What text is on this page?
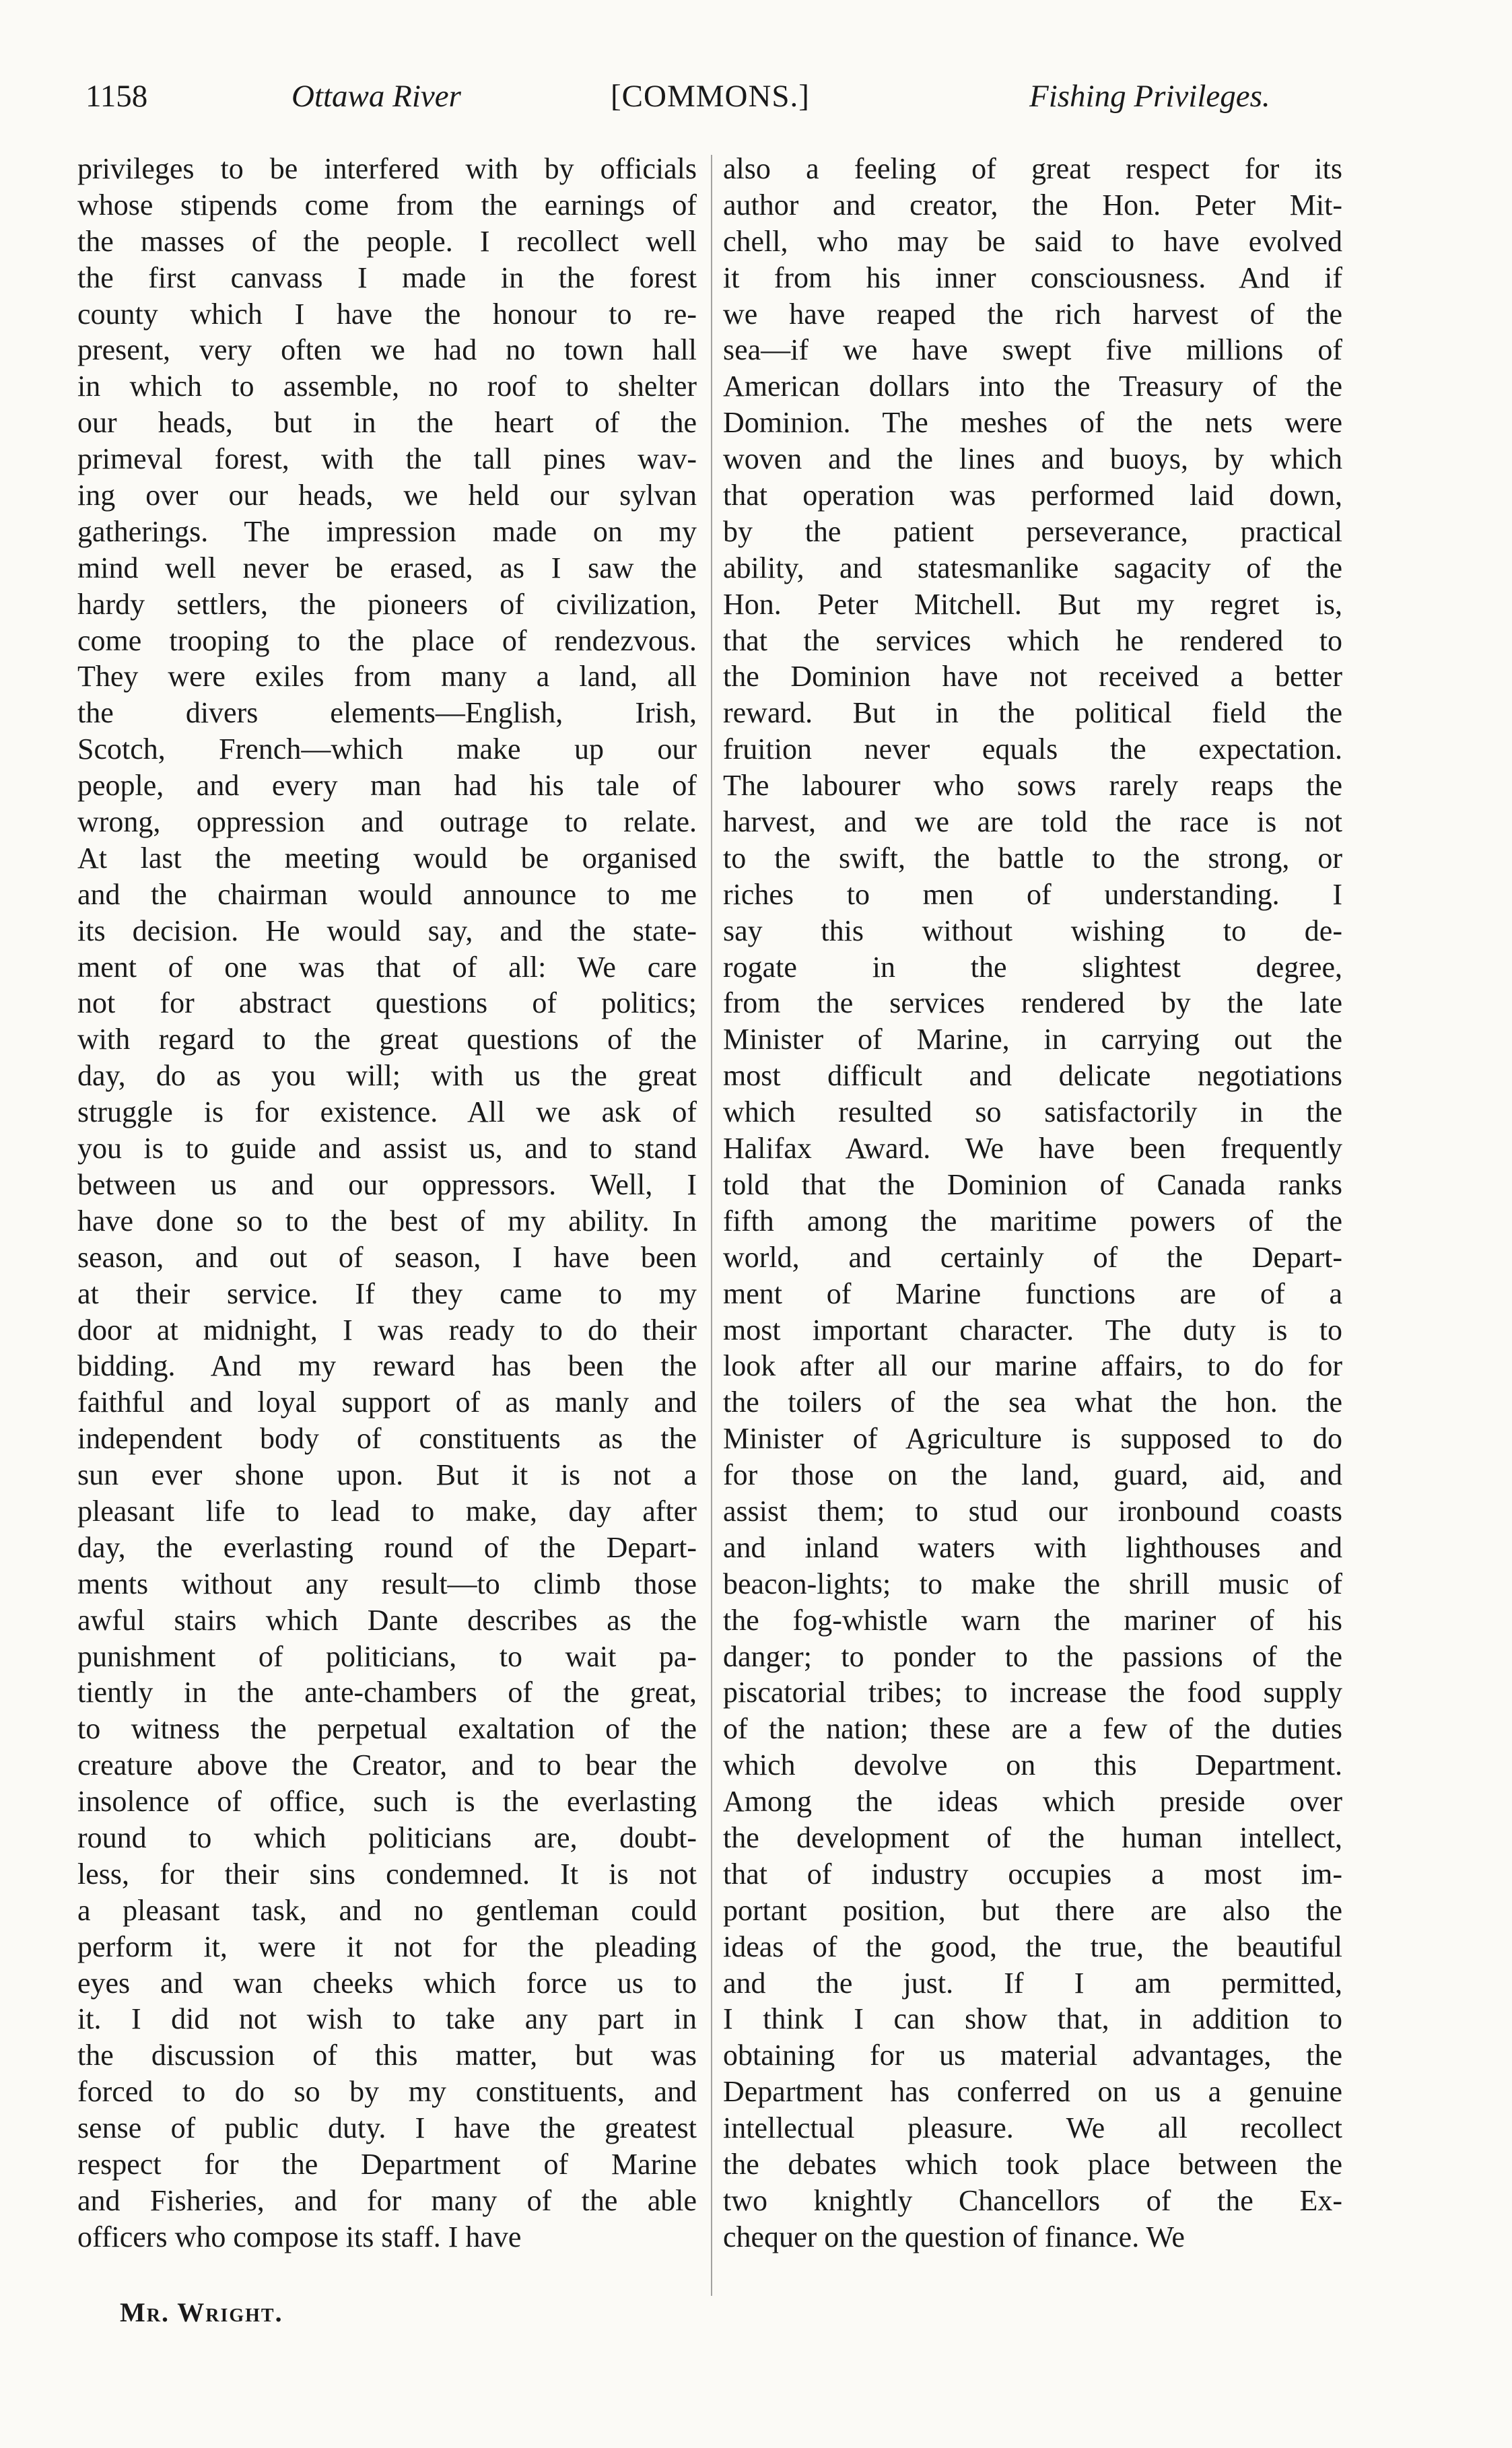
1158	Ottawa River	[COMMONS.]	Fishing Privileges.
privileges to be interfered with by officials
whose stipends come from the earnings of
the masses of the people. I recollect well
the first canvass I made in the forest
county which I have the honour to re-
present, very often we had no town hall
in which to assemble, no roof to shelter
our heads, but in the heart of the
primeval forest, with the tall pines wav-
ing over our heads, we held our sylvan
gatherings. The impression made on my
mind well never be erased, as I saw the
hardy settlers, the pioneers of civilization,
come trooping to the place of rendezvous.
They were exiles from many a land, all
the divers elements—English, Irish,
Scotch, French—which make up our
people, and every man had his tale of
wrong, oppression and outrage to relate.
At last the meeting would be organised
and the chairman would announce to me
its decision. He would say, and the state-
ment of one was that of all: We care
not for abstract questions of politics;
with regard to the great questions of the
day, do as you will; with us the great
struggle is for existence. All we ask of
you is to guide and assist us, and to stand
between us and our oppressors. Well, I
have done so to the best of my ability. In
season, and out of season, I have been
at their service. If they came to my
door at midnight, I was ready to do their
bidding. And my reward has been the
faithful and loyal support of as manly and
independent body of constituents as the
sun ever shone upon. But it is not a
pleasant life to lead to make, day after
day, the everlasting round of the Depart-
ments without any result—to climb those
awful stairs which Dante describes as the
punishment of politicians, to wait pa-
tiently in the ante-chambers of the great,
to witness the perpetual exaltation of the
creature above the Creator, and to bear the
insolence of office, such is the everlasting
round to which politicians are, doubt-
less, for their sins condemned. It is not
a pleasant task, and no gentleman could
perform it, were it not for the pleading
eyes and wan cheeks which force us to
it. I did not wish to take any part in
the discussion of this matter, but was
forced to do so by my constituents, and
sense of public duty. I have the greatest
respect for the Department of Marine
and Fisheries, and for many of the able
officers who compose its staff. I have
also a feeling of great respect for its
author and creator, the Hon. Peter Mit-
chell, who may be said to have evolved
it from his inner consciousness. And if
we have reaped the rich harvest of the
sea—if we have swept five millions of
American dollars into the Treasury of the
Dominion. The meshes of the nets were
woven and the lines and buoys, by which
that operation was performed laid down,
by the patient perseverance, practical
ability, and statesmanlike sagacity of the
Hon. Peter Mitchell. But my regret is,
that the services which he rendered to
the Dominion have not received a better
reward. But in the political field the
fruition never equals the expectation.
The labourer who sows rarely reaps the
harvest, and we are told the race is not
to the swift, the battle to the strong, or
riches to men of understanding. I
say this without wishing to de-
rogate in the slightest degree,
from the services rendered by the late
Minister of Marine, in carrying out the
most difficult and delicate negotiations
which resulted so satisfactorily in the
Halifax Award. We have been frequently
told that the Dominion of Canada ranks
fifth among the maritime powers of the
world, and certainly of the Depart-
ment of Marine functions are of a
most important character. The duty is to
look after all our marine affairs, to do for
the toilers of the sea what the hon. the
Minister of Agriculture is supposed to do
for those on the land, guard, aid, and
assist them; to stud our ironbound coasts
and inland waters with lighthouses and
beacon-lights; to make the shrill music of
the fog-whistle warn the mariner of his
danger; to ponder to the passions of the
piscatorial tribes; to increase the food supply
of the nation; these are a few of the duties
which devolve on this Department.
Among the ideas which preside over
the development of the human intellect,
that of industry occupies a most im-
portant position, but there are also the
ideas of the good, the true, the beautiful
and the just. If I am permitted,
I think I can show that, in addition to
obtaining for us material advantages, the
Department has conferred on us a genuine
intellectual pleasure. We all recollect
the debates which took place between the
two knightly Chancellors of the Ex-
chequer on the question of finance. We
Mr. Wright.
